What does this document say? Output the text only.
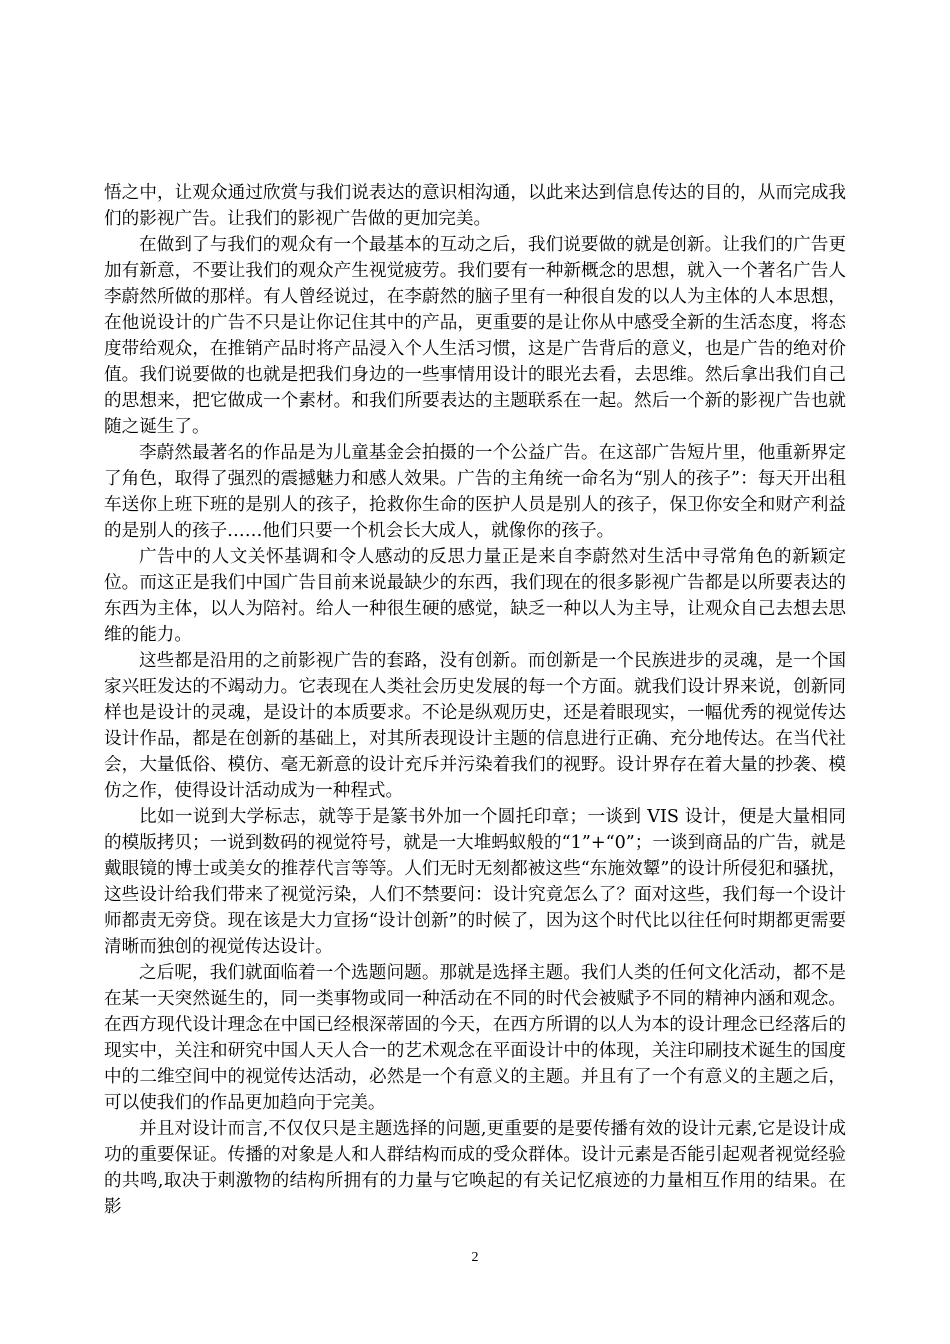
悟之中，让观众通过欣赏与我们说表达的意识相沟通，以此来达到信息传达的目的，从而完成我们的影视广告。让我们的影视广告做的更加完美。

在做到了与我们的观众有一个最基本的互动之后，我们说要做的就是创新。让我们的广告更加有新意，不要让我们的观众产生视觉疲劳。我们要有一种新概念的思想，就入一个著名广告人李蔚然所做的那样。有人曾经说过，在李蔚然的脑子里有一种很自发的以人为主体的人本思想，在他说设计的广告不只是让你记住其中的产品，更重要的是让你从中感受全新的生活态度，将态度带给观众，在推销产品时将产品浸入个人生活习惯，这是广告背后的意义，也是广告的绝对价值。我们说要做的也就是把我们身边的一些事情用设计的眼光去看，去思维。然后拿出我们自己的思想来，把它做成一个素材。和我们所要表达的主题联系在一起。然后一个新的影视广告也就随之诞生了。

李蔚然最著名的作品是为儿童基金会拍摄的一个公益广告。在这部广告短片里，他重新界定了角色，取得了强烈的震撼魅力和感人效果。广告的主角统一命名为“别人的孩子”：每天开出租车送你上班下班的是别人的孩子，抢救你生命的医护人员是别人的孩子，保卫你安全和财产利益的是别人的孩子……他们只要一个机会长大成人，就像你的孩子。

广告中的人文关怀基调和令人感动的反思力量正是来自李蔚然对生活中寻常角色的新颖定位。而这正是我们中国广告目前来说最缺少的东西，我们现在的很多影视广告都是以所要表达的东西为主体，以人为陪衬。给人一种很生硬的感觉，缺乏一种以人为主导，让观众自己去想去思维的能力。

这些都是沿用的之前影视广告的套路，没有创新。而创新是一个民族进步的灵魂，是一个国家兴旺发达的不竭动力。它表现在人类社会历史发展的每一个方面。就我们设计界来说，创新同样也是设计的灵魂，是设计的本质要求。不论是纵观历史，还是着眼现实，一幅优秀的视觉传达设计作品，都是在创新的基础上，对其所表现设计主题的信息进行正确、充分地传达。在当代社会，大量低俗、模仿、毫无新意的设计充斥并污染着我们的视野。设计界存在着大量的抄袭、模仿之作，使得设计活动成为一种程式。

比如一说到大学标志，就等于是篆书外加一个圆托印章；一谈到 VIS 设计，便是大量相同的模版拷贝；一说到数码的视觉符号，就是一大堆蚂蚁般的“1”+“0”；一谈到商品的广告，就是戴眼镜的博士或美女的推荐代言等等。人们无时无刻都被这些“东施效颦”的设计所侵犯和骚扰，这些设计给我们带来了视觉污染，人们不禁要问：设计究竟怎么了？面对这些，我们每一个设计师都责无旁贷。现在该是大力宣扬“设计创新”的时候了，因为这个时代比以往任何时期都更需要清晰而独创的视觉传达设计。

之后呢，我们就面临着一个选题问题。那就是选择主题。我们人类的任何文化活动，都不是在某一天突然诞生的，同一类事物或同一种活动在不同的时代会被赋予不同的精神内涵和观念。在西方现代设计理念在中国已经根深蒂固的今天，在西方所谓的以人为本的设计理念已经落后的现实中，关注和研究中国人天人合一的艺术观念在平面设计中的体现，关注印刷技术诞生的国度中的二维空间中的视觉传达活动，必然是一个有意义的主题。并且有了一个有意义的主题之后，可以使我们的作品更加趋向于完美。

并且对设计而言,不仅仅只是主题选择的问题,更重要的是要传播有效的设计元素,它是设计成功的重要保证。传播的对象是人和人群结构而成的受众群体。设计元素是否能引起观者视觉经验的共鸣,取决于刺激物的结构所拥有的力量与它唤起的有关记忆痕迹的力量相互作用的结果。在影

2
